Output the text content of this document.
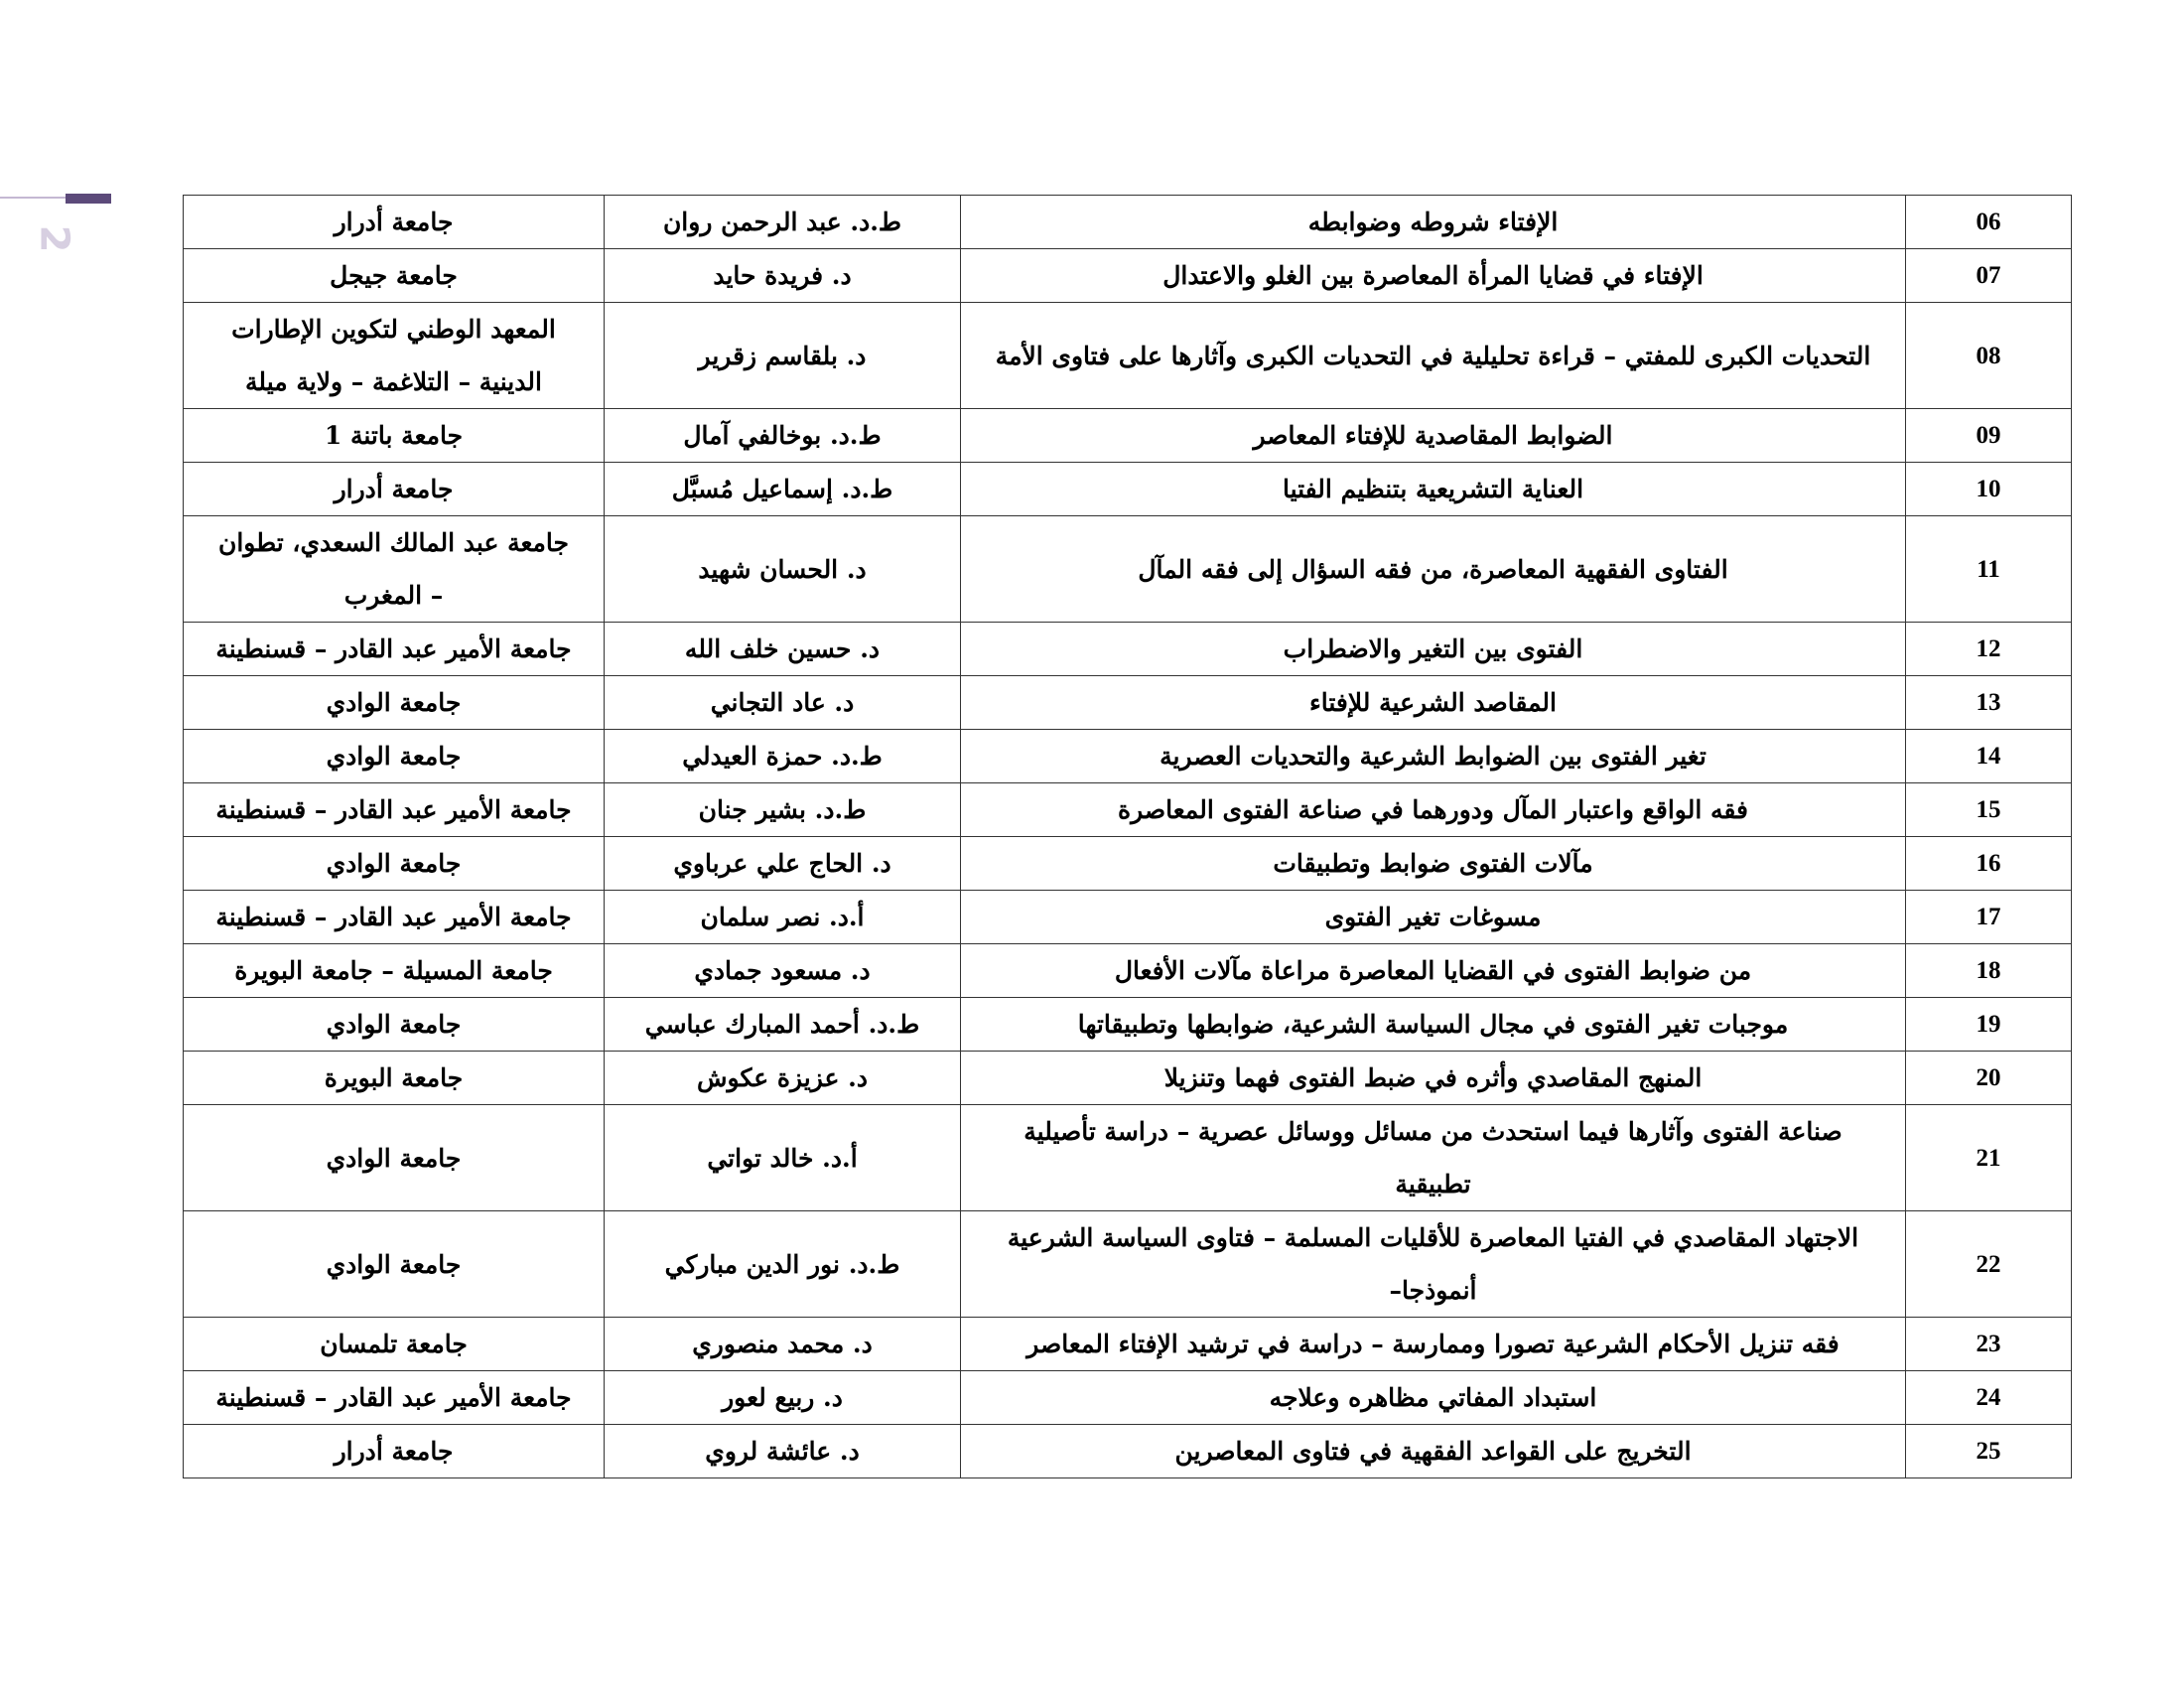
2
06	الإفتاء شروطه وضوابطه	ط.د. عبد الرحمن روان	جامعة أدرار
07	الإفتاء في قضايا المرأة المعاصرة بين الغلو والاعتدال	د. فريدة حايد	جامعة جيجل
08	التحديات الكبرى للمفتي – قراءة تحليلية في التحديات الكبرى وآثارها على فتاوى الأمة	د. بلقاسم زقرير	المعهد الوطني لتكوين الإطارات الدينية – التلاغمة – ولاية ميلة
09	الضوابط المقاصدية للإفتاء المعاصر	ط.د. بوخالفي آمال	جامعة باتنة 1
10	العناية التشريعية بتنظيم الفتيا	ط.د. إسماعيل مُسبَّل	جامعة أدرار
11	الفتاوى الفقهية المعاصرة، من فقه السؤال إلى فقه المآل	د. الحسان شهيد	جامعة عبد المالك السعدي، تطوان – المغرب
12	الفتوى بين التغير والاضطراب	د. حسين خلف الله	جامعة الأمير عبد القادر – قسنطينة
13	المقاصد الشرعية للإفتاء	د. عاد التجاني	جامعة الوادي
14	تغير الفتوى بين الضوابط الشرعية والتحديات العصرية	ط.د. حمزة العيدلي	جامعة الوادي
15	فقه الواقع واعتبار المآل ودورهما في صناعة الفتوى المعاصرة	ط.د. بشير جنان	جامعة الأمير عبد القادر – قسنطينة
16	مآلات الفتوى ضوابط وتطبيقات	د. الحاج علي عرباوي	جامعة الوادي
17	مسوغات تغير الفتوى	أ.د. نصر سلمان	جامعة الأمير عبد القادر – قسنطينة
18	من ضوابط الفتوى في القضايا المعاصرة مراعاة مآلات الأفعال	د. مسعود جمادي	جامعة المسيلة – جامعة البويرة
19	موجبات تغير الفتوى في مجال السياسة الشرعية، ضوابطها وتطبيقاتها	ط.د. أحمد المبارك عباسي	جامعة الوادي
20	المنهج المقاصدي وأثره في ضبط الفتوى فهما وتنزيلا	د. عزيزة عكوش	جامعة البويرة
21	صناعة الفتوى وآثارها فيما استحدث من مسائل ووسائل عصرية – دراسة تأصيلية تطبيقية	أ.د. خالد تواتي	جامعة الوادي
22	الاجتهاد المقاصدي في الفتيا المعاصرة للأقليات المسلمة – فتاوى السياسة الشرعية أنموذجا–	ط.د. نور الدين مباركي	جامعة الوادي
23	فقه تنزيل الأحكام الشرعية تصورا وممارسة – دراسة في ترشيد الإفتاء المعاصر	د. محمد منصوري	جامعة تلمسان
24	استبداد المفاتي مظاهره وعلاجه	د. ربيع لعور	جامعة الأمير عبد القادر – قسنطينة
25	التخريج على القواعد الفقهية في فتاوى المعاصرين	د. عائشة لروي	جامعة أدرار
